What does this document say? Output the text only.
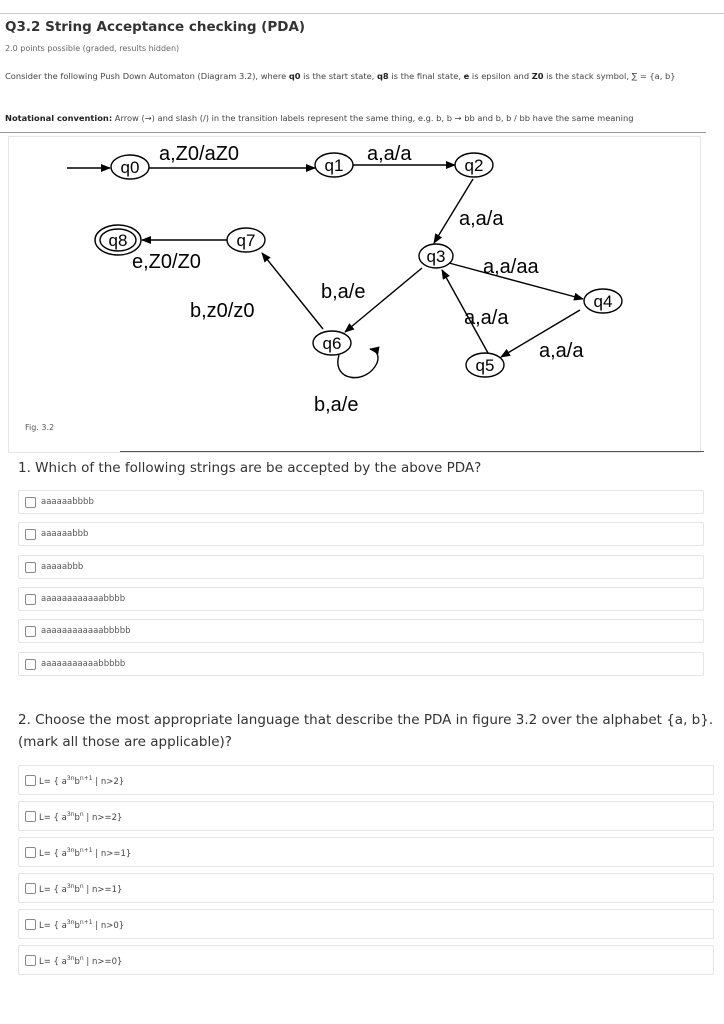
Q3.2 String Acceptance checking (PDA)
2.0 points possible (graded, results hidden)
Consider the following Push Down Automaton (Diagram 3.2), where q0 is the start state, q8 is the final state, e is epsilon and Z0 is the stack symbol, ∑ = {a, b}
Notational convention: Arrow (→) and slash (/) in the transition labels represent the same thing, e.g. b, b → bb and b, b / bb have the same meaning
q0	q1	q2
q3
q4
q5
q6
q7
q8
a,Z0/aZ0	a,a/a
a,a/a
a,a/aa
a,a/a
a,a/a
b,a/e
b,z0/z0
b,a/e
e,Z0/Z0
Fig. 3.2
1. Which of the following strings are be accepted by the above PDA?
aaaaaabbbb
aaaaaabbb
aaaaabbb
aaaaaaaaaaaabbbb
aaaaaaaaaaaabbbbb
aaaaaaaaaaabbbbb
2. Choose the most appropriate language that describe the PDA in figure 3.2 over the alphabet {a, b}.
(mark all those are applicable)?
L= { $a^{3n}b^{n+1}$ | n>2}
L= { $a^{3n}b^n$ | n>=2}
L= { $a^{3n}b^{n+1}$ | n>=1}
L= { $a^{3n}b^n$ | n>=1}
L= { $a^{3n}b^{n+1}$ | n>0}
L= { $a^{3n}b^n$ | n>=0}
